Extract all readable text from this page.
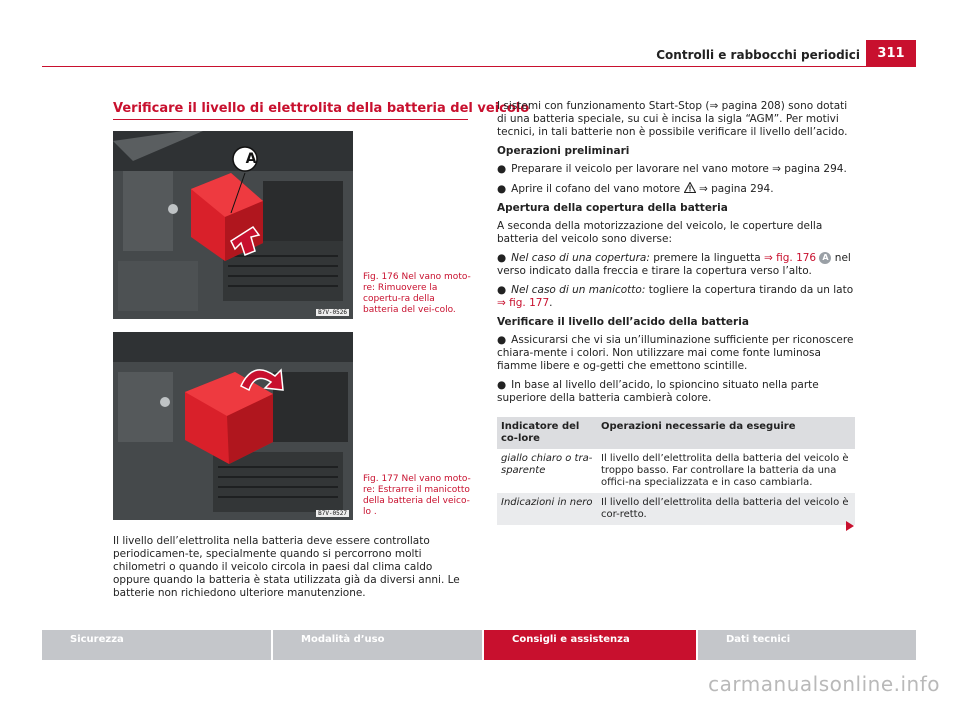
Controlli e rabbocchi periodici	311
Verificare il livello di elettrolita della batteria del veicolo
B7V-0526
A
Fig. 176 Nel vano moto-re: Rimuovere la copertu-ra della batteria del vei-colo.
B7V-0527
Fig. 177 Nel vano moto-re: Estrarre il manicotto della batteria del veico-lo .
Il livello dell’elettrolita nella batteria deve essere controllato periodicamen-te, specialmente quando si percorrono molti chilometri o quando il veicolo circola in paesi dal clima caldo oppure quando la batteria è stata utilizzata già da diversi anni. Le batterie non richiedono ulteriore manutenzione.

I sistemi con funzionamento Start-Stop (⇒ pagina 208) sono dotati di una batteria speciale, su cui è incisa la sigla “AGM”. Per motivi tecnici, in tali batterie non è possibile verificare il livello dell’acido.

Operazioni preliminari
● Preparare il veicolo per lavorare nel vano motore ⇒ pagina 294.
● Aprire il cofano del vano motore ⇒ pagina 294.
Apertura della copertura della batteria

A seconda della motorizzazione del veicolo, le coperture della batteria del veicolo sono diverse:

● Nel caso di una copertura: premere la linguetta ⇒ fig. 176 A nel verso indicato dalla freccia e tirare la copertura verso l’alto.
● Nel caso di un manicotto: togliere la copertura tirando da un lato ⇒ fig. 177.
Verificare il livello dell’acido della batteria
● Assicurarsi che vi sia un’illuminazione sufficiente per riconoscere chiara-mente i colori. Non utilizzare mai come fonte luminosa fiamme libere e og-getti che emettono scintille.
● In base al livello dell’acido, lo spioncino situato nella parte superiore della batteria cambierà colore.
Indicatore del co-lore	Operazioni necessarie da eseguire
giallo chiaro o tra-sparente	Il livello dell’elettrolita della batteria del veicolo è troppo basso. Far controllare la batteria da una offici-na specializzata e in caso cambiarla.
Indicazioni in nero	Il livello dell’elettrolita della batteria del veicolo è cor-retto.
Sicurezza	Modalità d’uso	Consigli e assistenza	Dati tecnici
carmanualsonline.info
